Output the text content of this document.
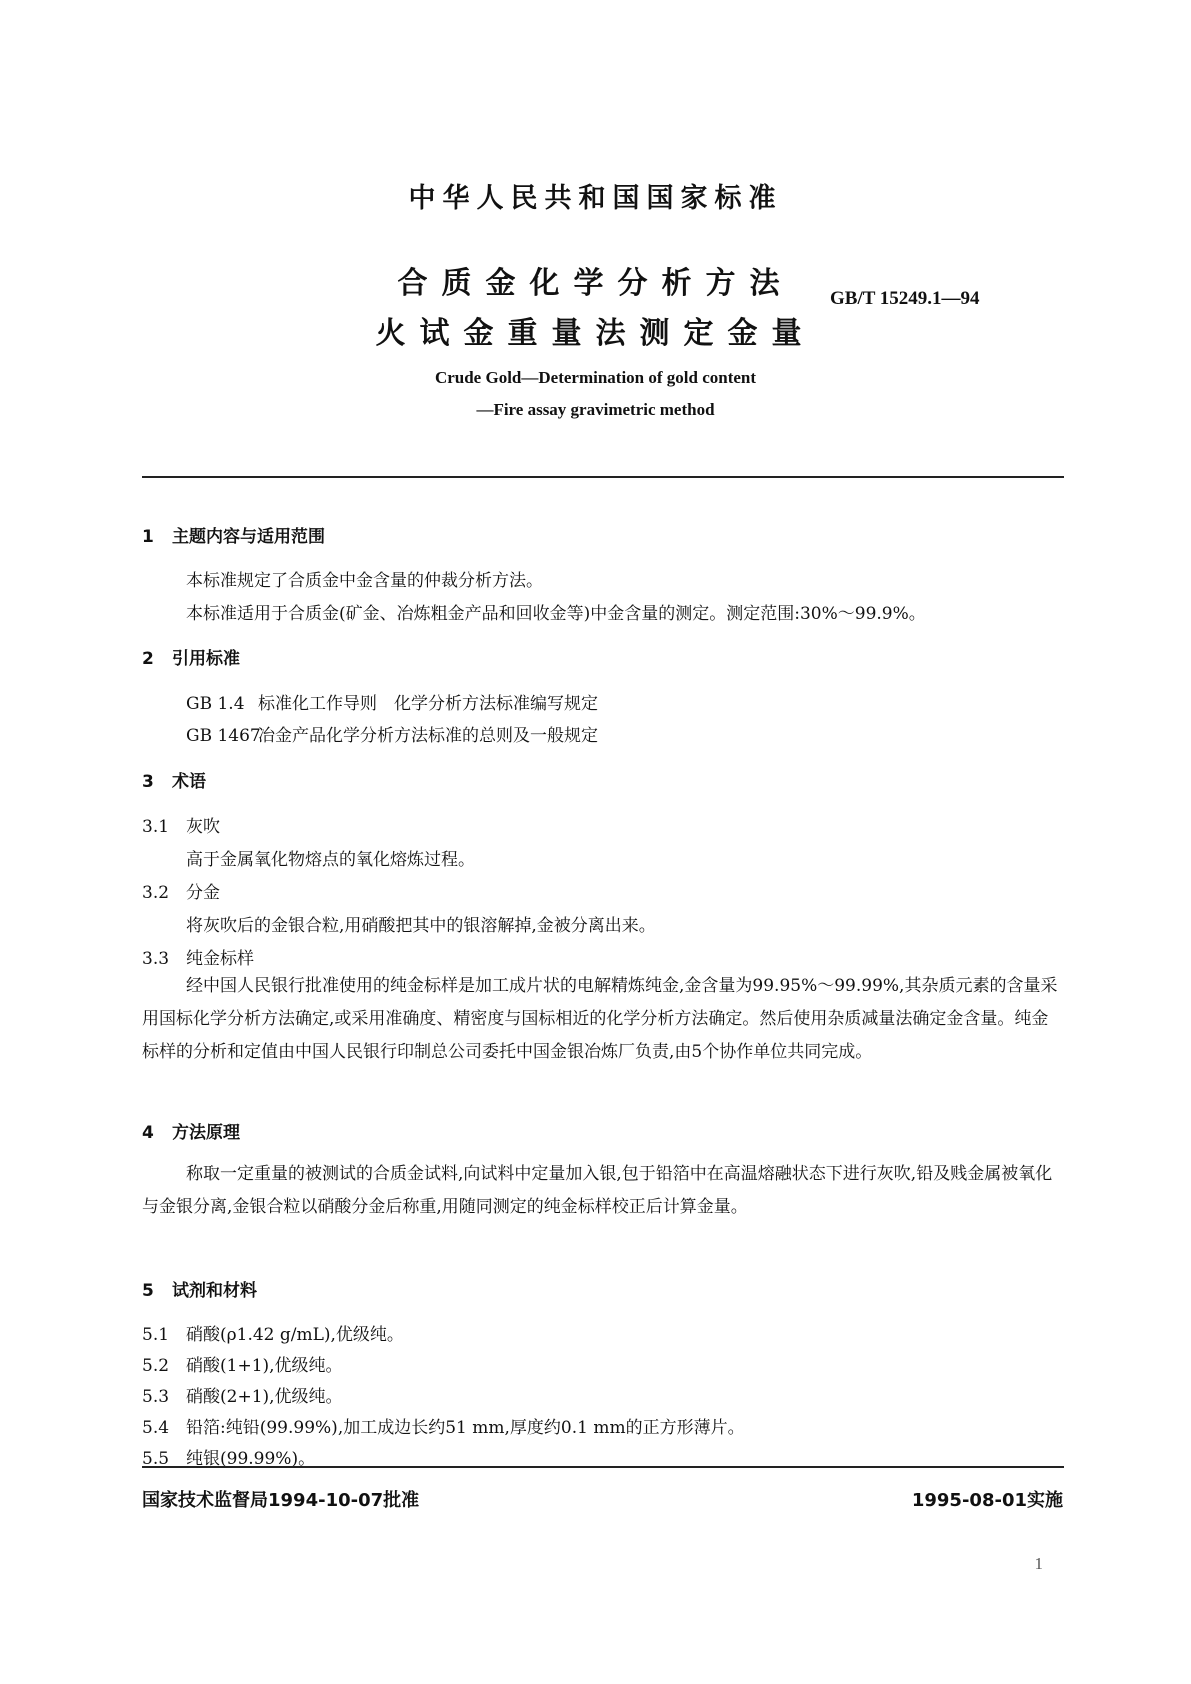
中华人民共和国国家标准
合质金化学分析方法
火试金重量法测定金量
GB/T 15249.1—94
Crude Gold—Determination of gold content
—Fire assay gravimetric method
1 主题内容与适用范围
本标准规定了合质金中金含量的仲裁分析方法。
本标准适用于合质金(矿金、冶炼粗金产品和回收金等)中金含量的测定。测定范围:30%～99.9%。
2 引用标准
GB 1.4 标准化工作导则　化学分析方法标准编写规定
GB 1467冶金产品化学分析方法标准的总则及一般规定
3 术语
3.1 灰吹
高于金属氧化物熔点的氧化熔炼过程。
3.2 分金
将灰吹后的金银合粒,用硝酸把其中的银溶解掉,金被分离出来。
3.3 纯金标样
经中国人民银行批准使用的纯金标样是加工成片状的电解精炼纯金,金含量为99.95%～99.99%,其杂质元素的含量采用国标化学分析方法确定,或采用准确度、精密度与国标相近的化学分析方法确定。然后使用杂质减量法确定金含量。纯金标样的分析和定值由中国人民银行印制总公司委托中国金银冶炼厂负责,由5个协作单位共同完成。
4 方法原理
称取一定重量的被测试的合质金试料,向试料中定量加入银,包于铅箔中在高温熔融状态下进行灰吹,铅及贱金属被氧化与金银分离,金银合粒以硝酸分金后称重,用随同测定的纯金标样校正后计算金量。
5 试剂和材料
5.1 硝酸(ρ1.42 g/mL),优级纯。
5.2 硝酸(1+1),优级纯。
5.3 硝酸(2+1),优级纯。
5.4 铅箔:纯铅(99.99%),加工成边长约51 mm,厚度约0.1 mm的正方形薄片。
5.5 纯银(99.99%)。
国家技术监督局1994-10-07批准	1995-08-01实施
1
